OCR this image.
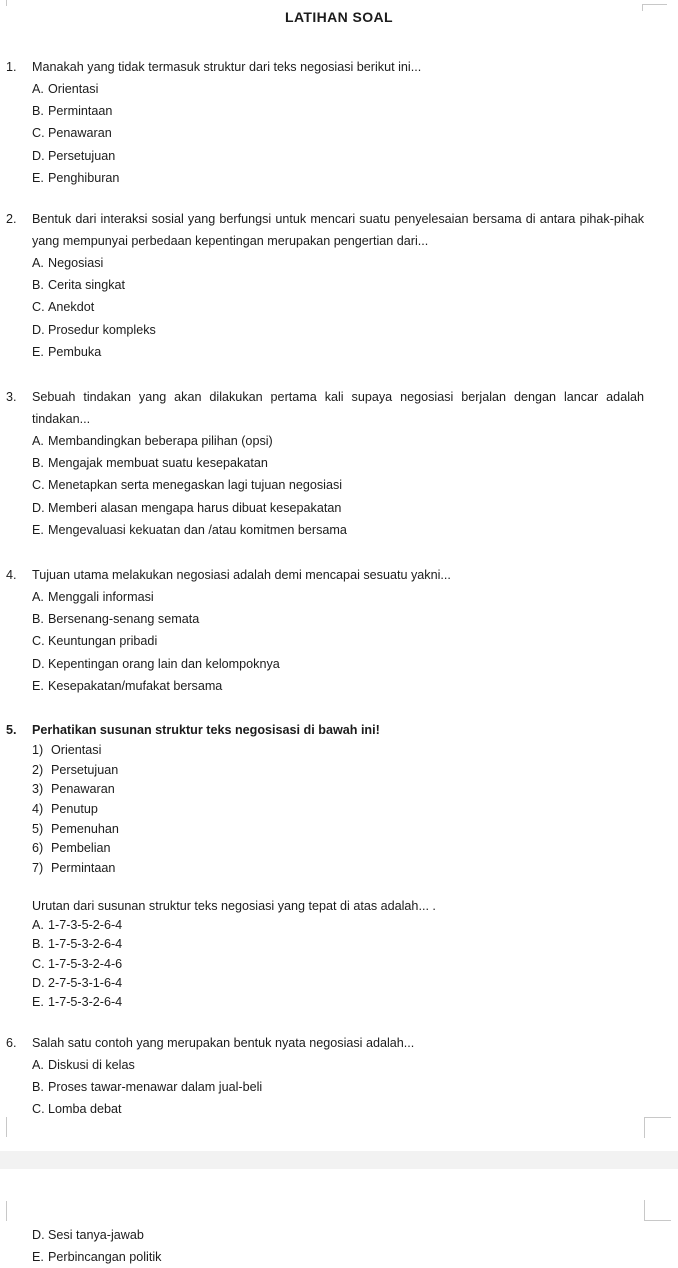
LATIHAN SOAL
1.	Manakah yang tidak termasuk struktur dari teks negosiasi berikut ini...
A. Orientasi
B. Permintaan
C. Penawaran
D. Persetujuan
E. Penghiburan
2.	Bentuk dari interaksi sosial yang berfungsi untuk mencari suatu penyelesaian bersama di antara pihak-pihak yang mempunyai perbedaan kepentingan merupakan pengertian dari...
A. Negosiasi
B. Cerita singkat
C. Anekdot
D. Prosedur kompleks
E. Pembuka
3.	Sebuah tindakan yang akan dilakukan pertama kali supaya negosiasi berjalan dengan lancar adalah tindakan...
A. Membandingkan beberapa pilihan (opsi)
B. Mengajak membuat suatu kesepakatan
C. Menetapkan serta menegaskan lagi tujuan negosiasi
D. Memberi alasan mengapa harus dibuat kesepakatan
E. Mengevaluasi kekuatan dan /atau komitmen bersama
4.	Tujuan utama melakukan negosiasi adalah demi mencapai sesuatu yakni...
A. Menggali informasi
B. Bersenang-senang semata
C. Keuntungan pribadi
D. Kepentingan orang lain dan kelompoknya
E. Kesepakatan/mufakat bersama
5.	Perhatikan susunan struktur teks negosisasi di bawah ini!
1) Orientasi
2) Persetujuan
3) Penawaran
4) Penutup
5) Pemenuhan
6) Pembelian
7) Permintaan
Urutan dari susunan struktur teks negosiasi yang tepat di atas adalah... .
A. 1-7-3-5-2-6-4
B. 1-7-5-3-2-6-4
C. 1-7-5-3-2-4-6
D. 2-7-5-3-1-6-4
E. 1-7-5-3-2-6-4
6.	Salah satu contoh yang merupakan bentuk nyata negosiasi adalah...
A. Diskusi di kelas
B. Proses tawar-menawar dalam jual-beli
C. Lomba debat
D. Sesi tanya-jawab
E. Perbincangan politik
